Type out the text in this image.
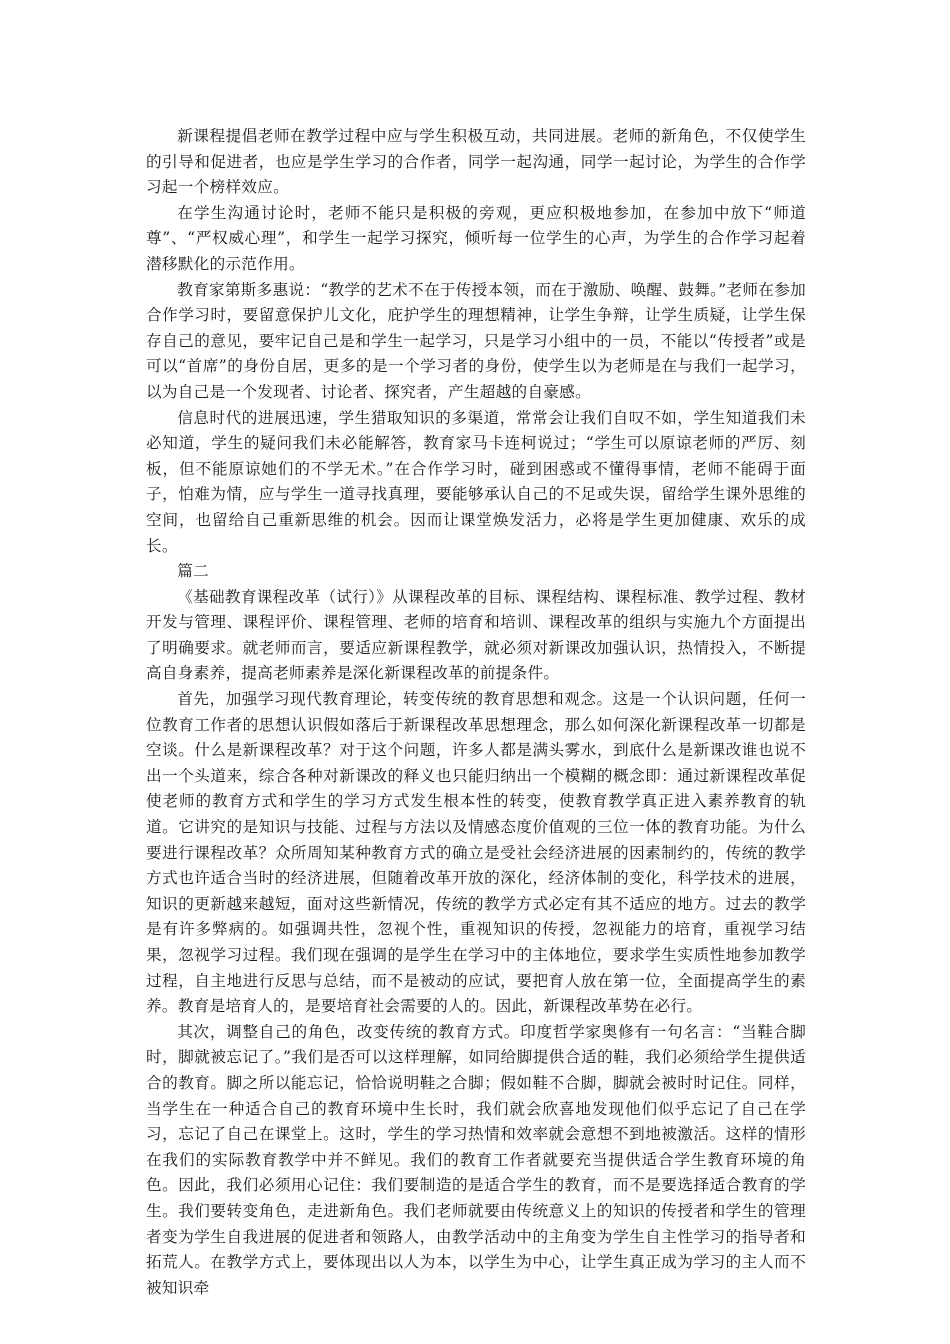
新课程提倡老师在教学过程中应与学生积极互动，共同进展。老师的新角色，不仅使学生的引导和促进者，也应是学生学习的合作者，同学一起沟通，同学一起讨论，为学生的合作学习起一个榜样效应。

在学生沟通讨论时，老师不能只是积极的旁观，更应积极地参加，在参加中放下“师道尊”、“严权威心理”，和学生一起学习探究，倾听每一位学生的心声，为学生的合作学习起着潜移默化的示范作用。

教育家第斯多惠说：“教学的艺术不在于传授本领，而在于激励、唤醒、鼓舞。”老师在参加合作学习时，要留意保护儿文化，庇护学生的理想精神，让学生争辩，让学生质疑，让学生保存自己的意见，要牢记自己是和学生一起学习，只是学习小组中的一员，不能以“传授者”或是可以“首席”的身份自居，更多的是一个学习者的身份，使学生以为老师是在与我们一起学习，以为自己是一个发现者、讨论者、探究者，产生超越的自豪感。

信息时代的进展迅速，学生猎取知识的多渠道，常常会让我们自叹不如，学生知道我们未必知道，学生的疑问我们未必能解答，教育家马卡连柯说过；“学生可以原谅老师的严厉、刻板，但不能原谅她们的不学无术。”在合作学习时，碰到困惑或不懂得事情，老师不能碍于面子，怕难为情，应与学生一道寻找真理，要能够承认自己的不足或失误，留给学生课外思维的空间，也留给自己重新思维的机会。因而让课堂焕发活力，必将是学生更加健康、欢乐的成长。

篇二

《基础教育课程改革（试行）》从课程改革的目标、课程结构、课程标准、教学过程、教材开发与管理、课程评价、课程管理、老师的培育和培训、课程改革的组织与实施九个方面提出了明确要求。就老师而言，要适应新课程教学，就必须对新课改加强认识，热情投入，不断提高自身素养，提高老师素养是深化新课程改革的前提条件。

首先，加强学习现代教育理论，转变传统的教育思想和观念。这是一个认识问题，任何一位教育工作者的思想认识假如落后于新课程改革思想理念，那么如何深化新课程改革一切都是空谈。什么是新课程改革？对于这个问题，许多人都是满头雾水，到底什么是新课改谁也说不出一个头道来，综合各种对新课改的释义也只能归纳出一个模糊的概念即：通过新课程改革促使老师的教育方式和学生的学习方式发生根本性的转变，使教育教学真正进入素养教育的轨道。它讲究的是知识与技能、过程与方法以及情感态度价值观的三位一体的教育功能。为什么要进行课程改革？众所周知某种教育方式的确立是受社会经济进展的因素制约的，传统的教学方式也许适合当时的经济进展，但随着改革开放的深化，经济体制的变化，科学技术的进展，知识的更新越来越短，面对这些新情况，传统的教学方式必定有其不适应的地方。过去的教学是有许多弊病的。如强调共性，忽视个性，重视知识的传授，忽视能力的培育，重视学习结果，忽视学习过程。我们现在强调的是学生在学习中的主体地位，要求学生实质性地参加教学过程，自主地进行反思与总结，而不是被动的应试，要把育人放在第一位，全面提高学生的素养。教育是培育人的，是要培育社会需要的人的。因此，新课程改革势在必行。

其次，调整自己的角色，改变传统的教育方式。印度哲学家奥修有一句名言：“当鞋合脚时，脚就被忘记了。”我们是否可以这样理解，如同给脚提供合适的鞋，我们必须给学生提供适合的教育。脚之所以能忘记，恰恰说明鞋之合脚；假如鞋不合脚，脚就会被时时记住。同样，当学生在一种适合自己的教育环境中生长时，我们就会欣喜地发现他们似乎忘记了自己在学习，忘记了自己在课堂上。这时，学生的学习热情和效率就会意想不到地被激活。这样的情形在我们的实际教育教学中并不鲜见。我们的教育工作者就要充当提供适合学生教育环境的角色。因此，我们必须用心记住：我们要制造的是适合学生的教育，而不是要选择适合教育的学生。我们要转变角色，走进新角色。我们老师就要由传统意义上的知识的传授者和学生的管理者变为学生自我进展的促进者和领路人，由教学活动中的主角变为学生自主性学习的指导者和拓荒人。在教学方式上，要体现出以人为本，以学生为中心，让学生真正成为学习的主人而不被知识牵
